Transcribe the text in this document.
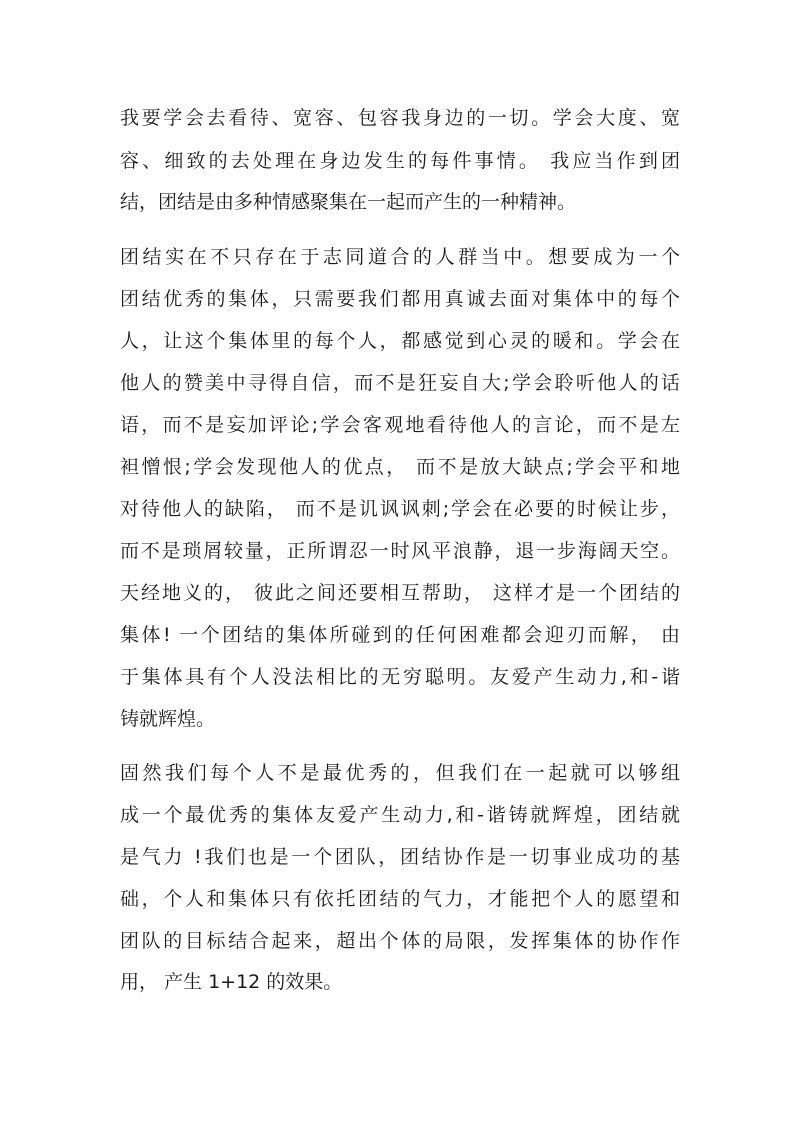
我要学会去看待、宽容、包容我身边的一切。学会大度、宽
容、细致的去处理在身边发生的每件事情。 我应当作到团
结，团结是由多种情感聚集在一起而产生的一种精神。
团结实在不只存在于志同道合的人群当中。想要成为一个
团结优秀的集体，只需要我们都用真诚去面对集体中的每个
人，让这个集体里的每个人，都感觉到心灵的暖和。学会在
他人的赞美中寻得自信，而不是狂妄自大;学会聆听他人的话
语，而不是妄加评论;学会客观地看待他人的言论，而不是左
袒憎恨;学会发现他人的优点， 而不是放大缺点;学会平和地
对待他人的缺陷， 而不是讥讽讽刺;学会在必要的时候让步，
而不是琐屑较量，正所谓忍一时风平浪静，退一步海阔天空。
天经地义的， 彼此之间还要相互帮助， 这样才是一个团结的
集体! 一个团结的集体所碰到的任何困难都会迎刃而解， 由
于集体具有个人没法相比的无穷聪明。友爱产生动力,和-谐
铸就辉煌。
固然我们每个人不是最优秀的，但我们在一起就可以够组
成一个最优秀的集体友爱产生动力,和-谐铸就辉煌，团结就
是气力 !我们也是一个团队，团结协作是一切事业成功的基
础，个人和集体只有依托团结的气力，才能把个人的愿望和
团队的目标结合起来，超出个体的局限，发挥集体的协作作
用， 产生 1+12 的效果。
